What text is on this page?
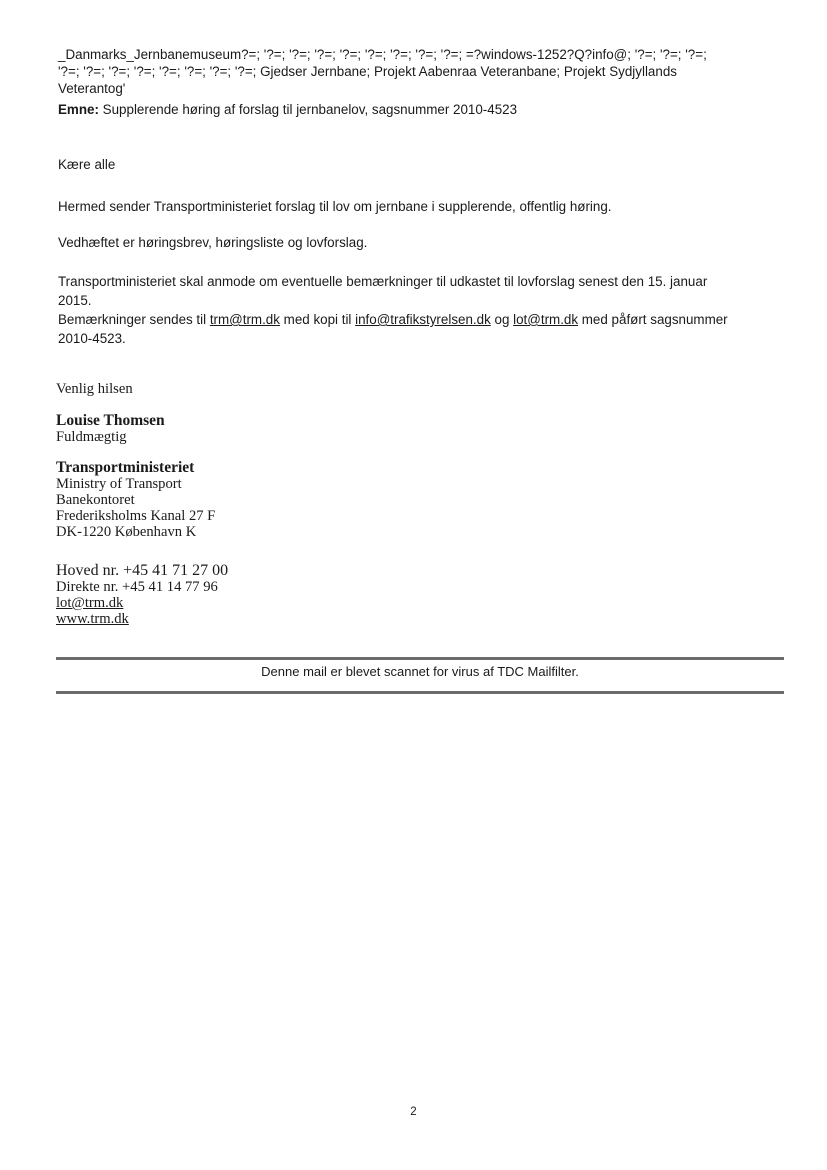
_Danmarks_Jernbanemuseum?=; '?=; '?=; '?=; '?=; '?=; '?=; '?=; '?=; =?windows-1252?Q?info@; '?=; '?=; '?=;
'?=; '?=; '?=; '?=; '?=; '?=; '?=; '?=; Gjedser Jernbane; Projekt Aabenraa Veteranbane; Projekt Sydjyllands
Veterantog'
Emne: Supplerende høring af forslag til jernbanelov, sagsnummer 2010-4523
Kære alle
Hermed sender Transportministeriet forslag til lov om jernbane i supplerende, offentlig høring.
Vedhæftet er høringsbrev, høringsliste og lovforslag.
Transportministeriet skal anmode om eventuelle bemærkninger til udkastet til lovforslag senest den 15. januar
2015.
Bemærkninger sendes til trm@trm.dk med kopi til info@trafikstyrelsen.dk og lot@trm.dk med påført sagsnummer
2010-4523.
Venlig hilsen
Louise Thomsen
Fuldmægtig
Transportministeriet
Ministry of Transport
Banekontoret
Frederiksholms Kanal 27 F
DK-1220 København K
Hoved nr. +45 41 71 27 00
Direkte nr. +45 41 14 77 96
lot@trm.dk
www.trm.dk
Denne mail er blevet scannet for virus af TDC Mailfilter.
2
